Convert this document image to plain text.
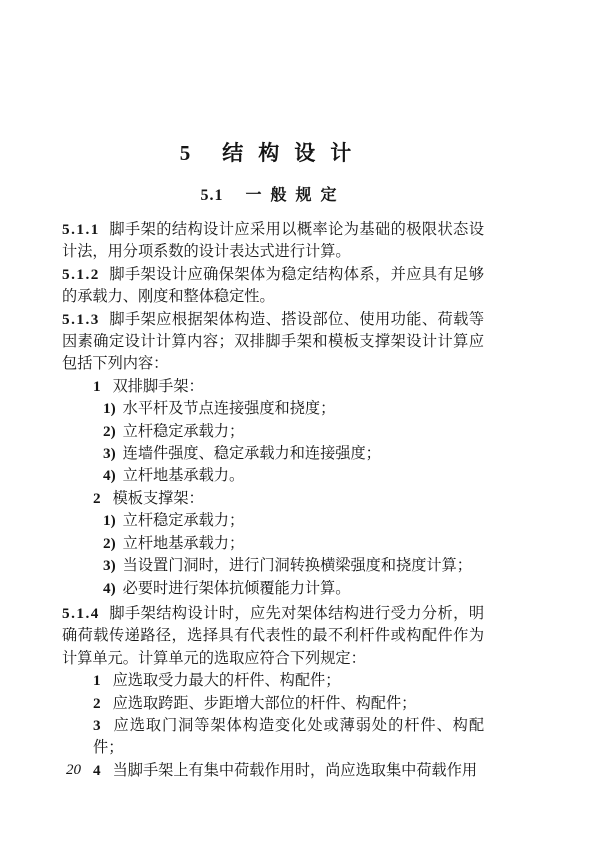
5 结构设计
5.1 一般规定

5.1.1 脚手架的结构设计应采用以概率论为基础的极限状态设计法，用分项系数的设计表达式进行计算。

5.1.2 脚手架设计应确保架体为稳定结构体系，并应具有足够的承载力、刚度和整体稳定性。

5.1.3 脚手架应根据架体构造、搭设部位、使用功能、荷载等因素确定设计计算内容；双排脚手架和模板支撑架设计计算应包括下列内容：

1 双排脚手架：

1) 水平杆及节点连接强度和挠度；

2) 立杆稳定承载力；

3) 连墙件强度、稳定承载力和连接强度；

4) 立杆地基承载力。

2 模板支撑架：

1) 立杆稳定承载力；

2) 立杆地基承载力；

3) 当设置门洞时，进行门洞转换横梁强度和挠度计算；

4) 必要时进行架体抗倾覆能力计算。

5.1.4 脚手架结构设计时，应先对架体结构进行受力分析，明确荷载传递路径，选择具有代表性的最不利杆件或构配件作为计算单元。计算单元的选取应符合下列规定：

1 应选取受力最大的杆件、构配件；

2 应选取跨距、步距增大部位的杆件、构配件；

3 应选取门洞等架体构造变化处或薄弱处的杆件、构配件；

4 当脚手架上有集中荷载作用时，尚应选取集中荷载作用

20
